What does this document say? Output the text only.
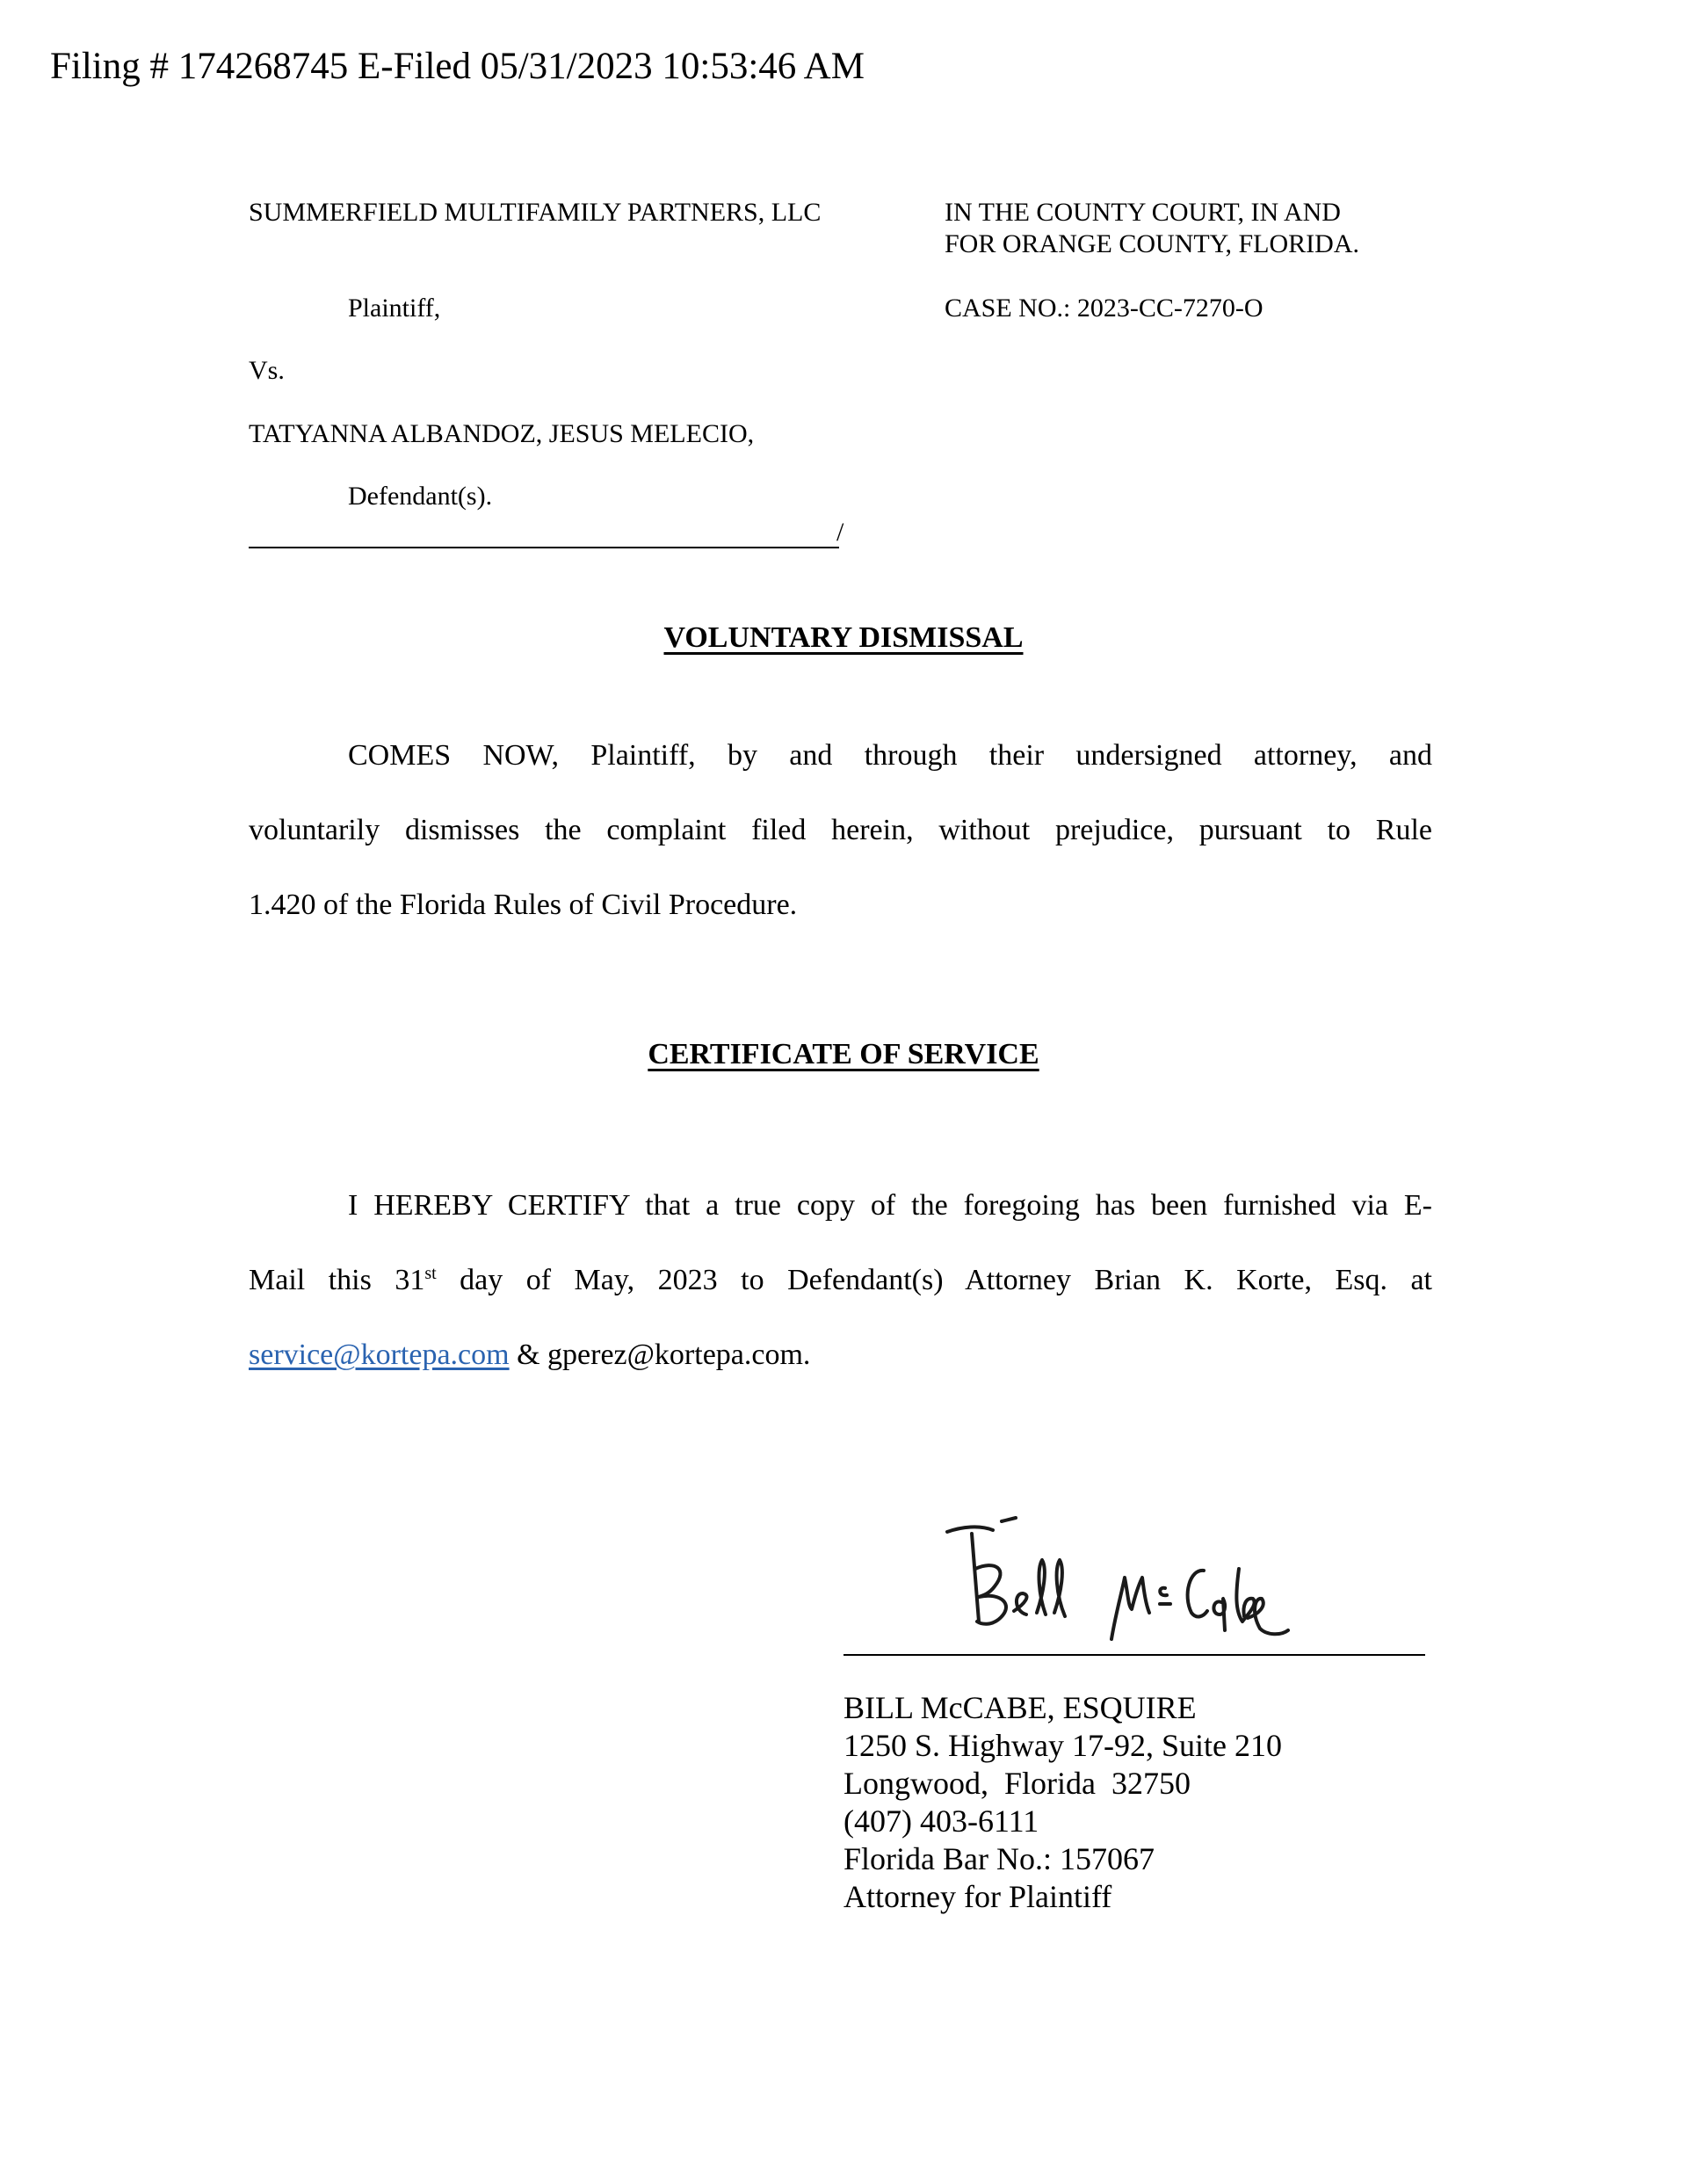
Filing # 174268745 E-Filed 05/31/2023 10:53:46 AM
SUMMERFIELD MULTIFAMILY PARTNERS, LLC
Plaintiff,
Vs.
TATYANNA ALBANDOZ, JESUS MELECIO,
Defendant(s).
/
IN THE COUNTY COURT, IN AND
FOR ORANGE COUNTY, FLORIDA.
CASE NO.: 2023-CC-7270-O
VOLUNTARY DISMISSAL
COMES NOW, Plaintiff, by and through their undersigned attorney, and
voluntarily dismisses the complaint filed herein, without prejudice, pursuant to Rule
1.420 of the Florida Rules of Civil Procedure.
CERTIFICATE OF SERVICE
I HEREBY CERTIFY that a true copy of the foregoing has been furnished via E-
Mail this 31st day of May, 2023 to Defendant(s) Attorney Brian K. Korte, Esq. at
service@kortepa.com & gperez@kortepa.com.
BILL McCABE, ESQUIRE
1250 S. Highway 17-92, Suite 210
Longwood,  Florida  32750
(407) 403-6111
Florida Bar No.: 157067
Attorney for Plaintiff
